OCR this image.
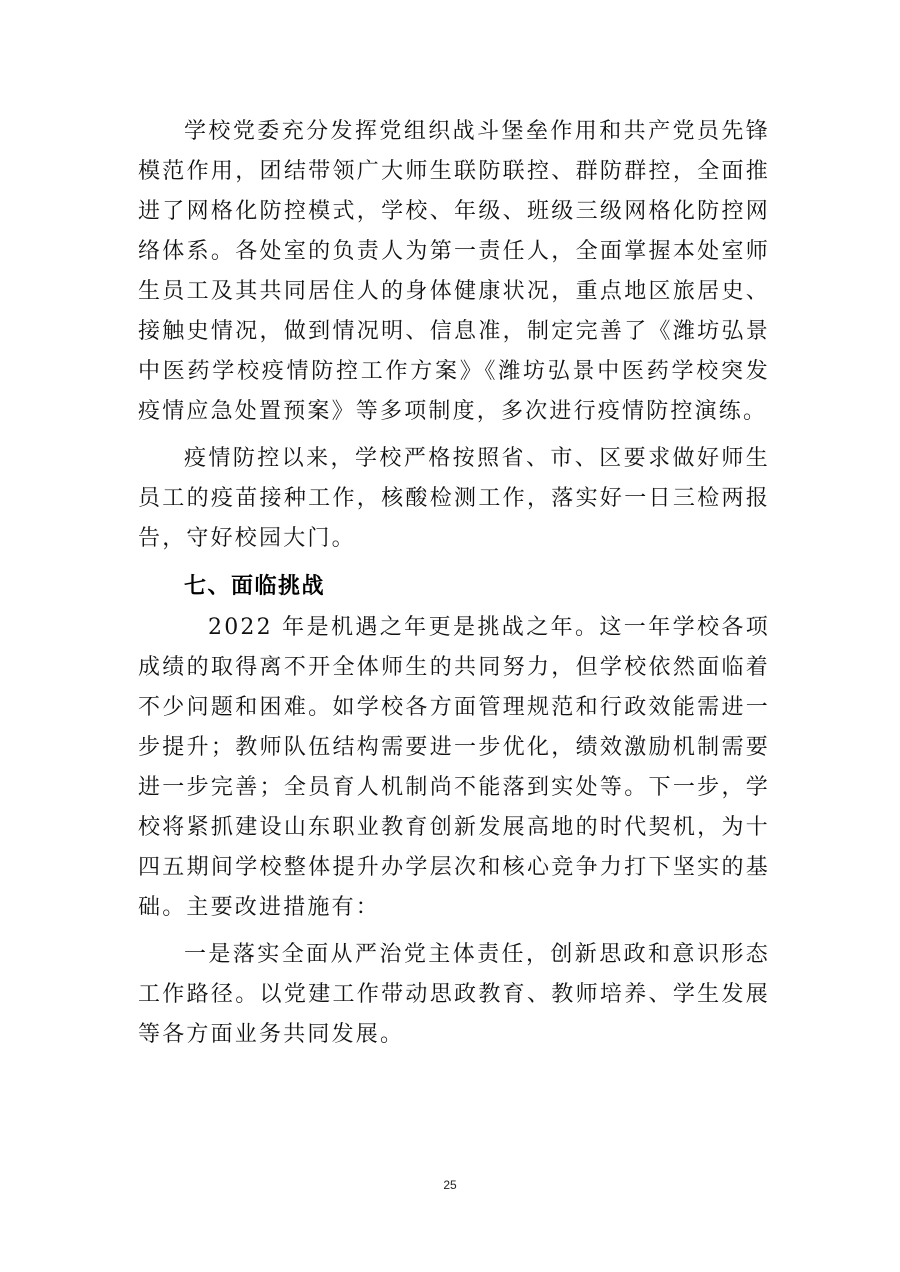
学校党委充分发挥党组织战斗堡垒作用和共产党员先锋模范作用，团结带领广大师生联防联控、群防群控，全面推进了网格化防控模式，学校、年级、班级三级网格化防控网络体系。各处室的负责人为第一责任人，全面掌握本处室师生员工及其共同居住人的身体健康状况，重点地区旅居史、接触史情况，做到情况明、信息准，制定完善了《潍坊弘景中医药学校疫情防控工作方案》《潍坊弘景中医药学校突发疫情应急处置预案》等多项制度，多次进行疫情防控演练。

疫情防控以来，学校严格按照省、市、区要求做好师生员工的疫苗接种工作，核酸检测工作，落实好一日三检两报告，守好校园大门。

七、面临挑战

2022 年是机遇之年更是挑战之年。这一年学校各项成绩的取得离不开全体师生的共同努力，但学校依然面临着不少问题和困难。如学校各方面管理规范和行政效能需进一步提升；教师队伍结构需要进一步优化，绩效激励机制需要进一步完善；全员育人机制尚不能落到实处等。下一步，学校将紧抓建设山东职业教育创新发展高地的时代契机，为十四五期间学校整体提升办学层次和核心竞争力打下坚实的基础。主要改进措施有：

一是落实全面从严治党主体责任，创新思政和意识形态工作路径。以党建工作带动思政教育、教师培养、学生发展等各方面业务共同发展。

25
